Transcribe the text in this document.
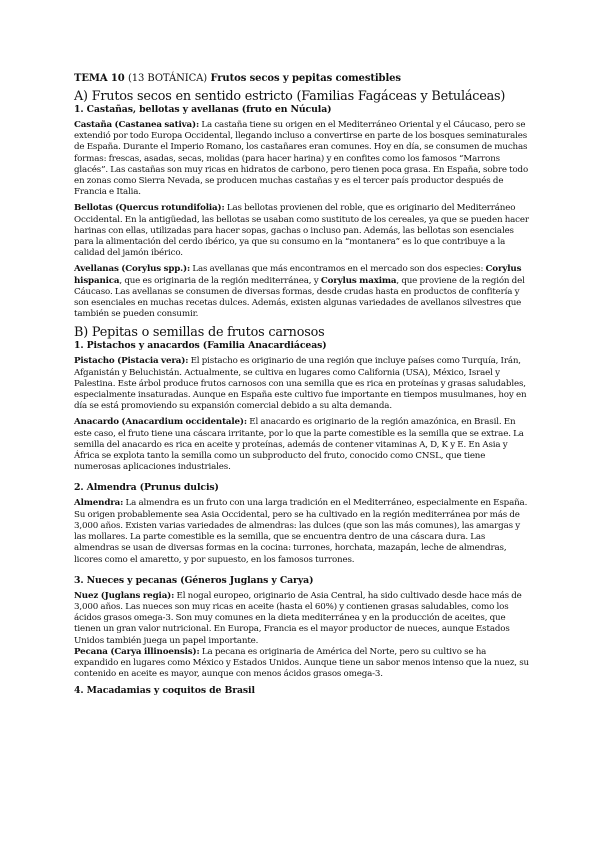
TEMA 10 (13 BOTÁNICA) Frutos secos y pepitas comestibles
A) Frutos secos en sentido estricto (Familias Fagáceas y Betuláceas)
1. Castañas, bellotas y avellanas (fruto en Núcula)

Castaña (Castanea sativa): La castaña tiene su origen en el Mediterráneo Oriental y el Cáucaso, pero se extendió por todo Europa Occidental, llegando incluso a convertirse en parte de los bosques seminaturales de España. Durante el Imperio Romano, los castañares eran comunes. Hoy en día, se consumen de muchas formas: frescas, asadas, secas, molidas (para hacer harina) y en confites como los famosos “Marrons glacés”. Las castañas son muy ricas en hidratos de carbono, pero tienen poca grasa. En España, sobre todo en zonas como Sierra Nevada, se producen muchas castañas y es el tercer país productor después de Francia e Italia.

Bellotas (Quercus rotundifolia): Las bellotas provienen del roble, que es originario del Mediterráneo Occidental. En la antigüedad, las bellotas se usaban como sustituto de los cereales, ya que se pueden hacer harinas con ellas, utilizadas para hacer sopas, gachas o incluso pan. Además, las bellotas son esenciales para la alimentación del cerdo ibérico, ya que su consumo en la “montanera” es lo que contribuye a la calidad del jamón ibérico.

Avellanas (Corylus spp.): Las avellanas que más encontramos en el mercado son dos especies: Corylus hispanica, que es originaria de la región mediterránea, y Corylus maxima, que proviene de la región del Cáucaso. Las avellanas se consumen de diversas formas, desde crudas hasta en productos de confitería y son esenciales en muchas recetas dulces. Además, existen algunas variedades de avellanos silvestres que también se pueden consumir.

B) Pepitas o semillas de frutos carnosos
1. Pistachos y anacardos (Familia Anacardiáceas)

Pistacho (Pistacia vera): El pistacho es originario de una región que incluye países como Turquía, Irán, Afganistán y Beluchistán. Actualmente, se cultiva en lugares como California (USA), México, Israel y Palestina. Este árbol produce frutos carnosos con una semilla que es rica en proteínas y grasas saludables, especialmente insaturadas. Aunque en España este cultivo fue importante en tiempos musulmanes, hoy en día se está promoviendo su expansión comercial debido a su alta demanda.

Anacardo (Anacardium occidentale): El anacardo es originario de la región amazónica, en Brasil. En este caso, el fruto tiene una cáscara irritante, por lo que la parte comestible es la semilla que se extrae. La semilla del anacardo es rica en aceite y proteínas, además de contener vitaminas A, D, K y E. En Asia y África se explota tanto la semilla como un subproducto del fruto, conocido como CNSL, que tiene numerosas aplicaciones industriales.

2. Almendra (Prunus dulcis)

Almendra: La almendra es un fruto con una larga tradición en el Mediterráneo, especialmente en España. Su origen probablemente sea Asia Occidental, pero se ha cultivado en la región mediterránea por más de 3,000 años. Existen varias variedades de almendras: las dulces (que son las más comunes), las amargas y las mollares. La parte comestible es la semilla, que se encuentra dentro de una cáscara dura. Las almendras se usan de diversas formas en la cocina: turrones, horchata, mazapán, leche de almendras, licores como el amaretto, y por supuesto, en los famosos turrones.

3. Nueces y pecanas (Géneros Juglans y Carya)

Nuez (Juglans regia): El nogal europeo, originario de Asia Central, ha sido cultivado desde hace más de 3,000 años. Las nueces son muy ricas en aceite (hasta el 60%) y contienen grasas saludables, como los ácidos grasos omega-3. Son muy comunes en la dieta mediterránea y en la producción de aceites, que tienen un gran valor nutricional. En Europa, Francia es el mayor productor de nueces, aunque Estados Unidos también juega un papel importante.

Pecana (Carya illinoensis): La pecana es originaria de América del Norte, pero su cultivo se ha expandido en lugares como México y Estados Unidos. Aunque tiene un sabor menos intenso que la nuez, su contenido en aceite es mayor, aunque con menos ácidos grasos omega-3.

4. Macadamias y coquitos de Brasil
